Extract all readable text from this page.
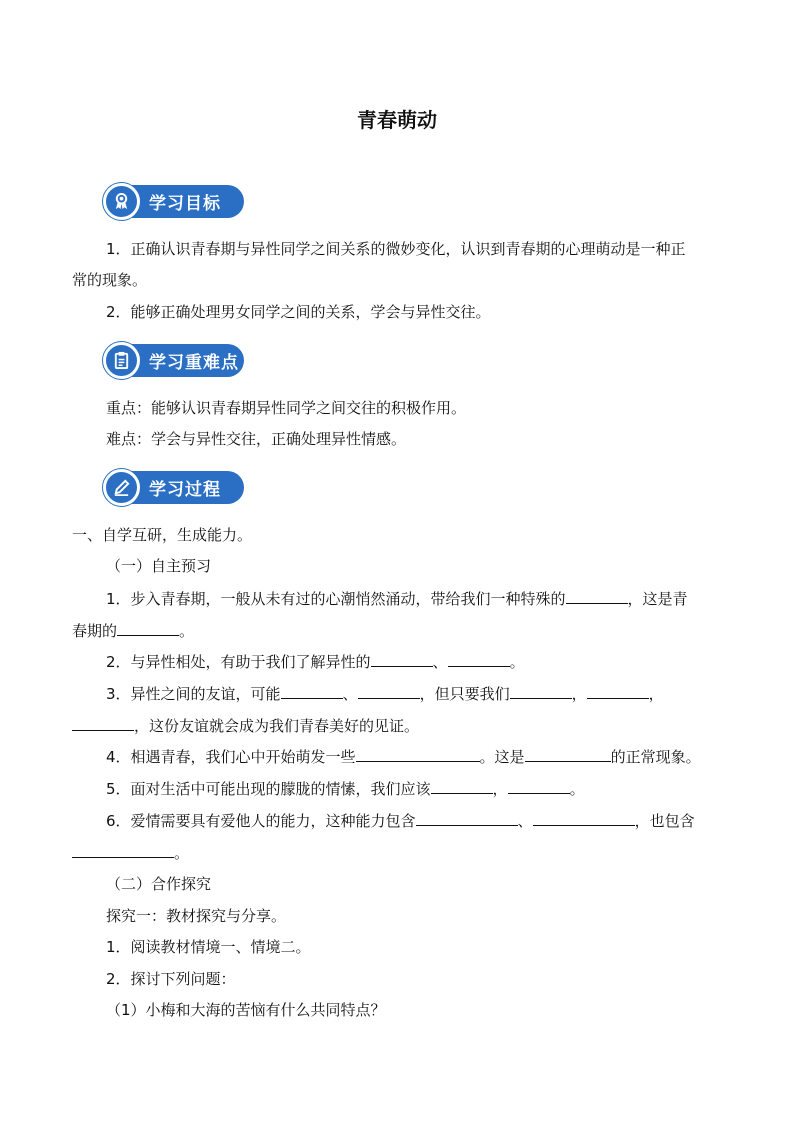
青春萌动
学习目标
1．正确认识青春期与异性同学之间关系的微妙变化，认识到青春期的心理萌动是一种正
常的现象。
2．能够正确处理男女同学之间的关系，学会与异性交往。
学习重难点
重点：能够认识青春期异性同学之间交往的积极作用。
难点：学会与异性交往，正确处理异性情感。
学习过程
一、自学互研，生成能力。
（一）自主预习
1．步入青春期，一般从未有过的心潮悄然涌动，带给我们一种特殊的	，这是青
春期的	。
2．与异性相处，有助于我们了解异性的	、	。
3．异性之间的友谊，可能	、	，但只要我们	，	，
，这份友谊就会成为我们青春美好的见证。
4．相遇青春，我们心中开始萌发一些	。这是	的正常现象。
5．面对生活中可能出现的朦胧的情愫，我们应该	，	。
6．爱情需要具有爱他人的能力，这种能力包含	、	，也包含
。
（二）合作探究
探究一：教材探究与分享。
1．阅读教材情境一、情境二。
2．探讨下列问题：
（1）小梅和大海的苦恼有什么共同特点？
